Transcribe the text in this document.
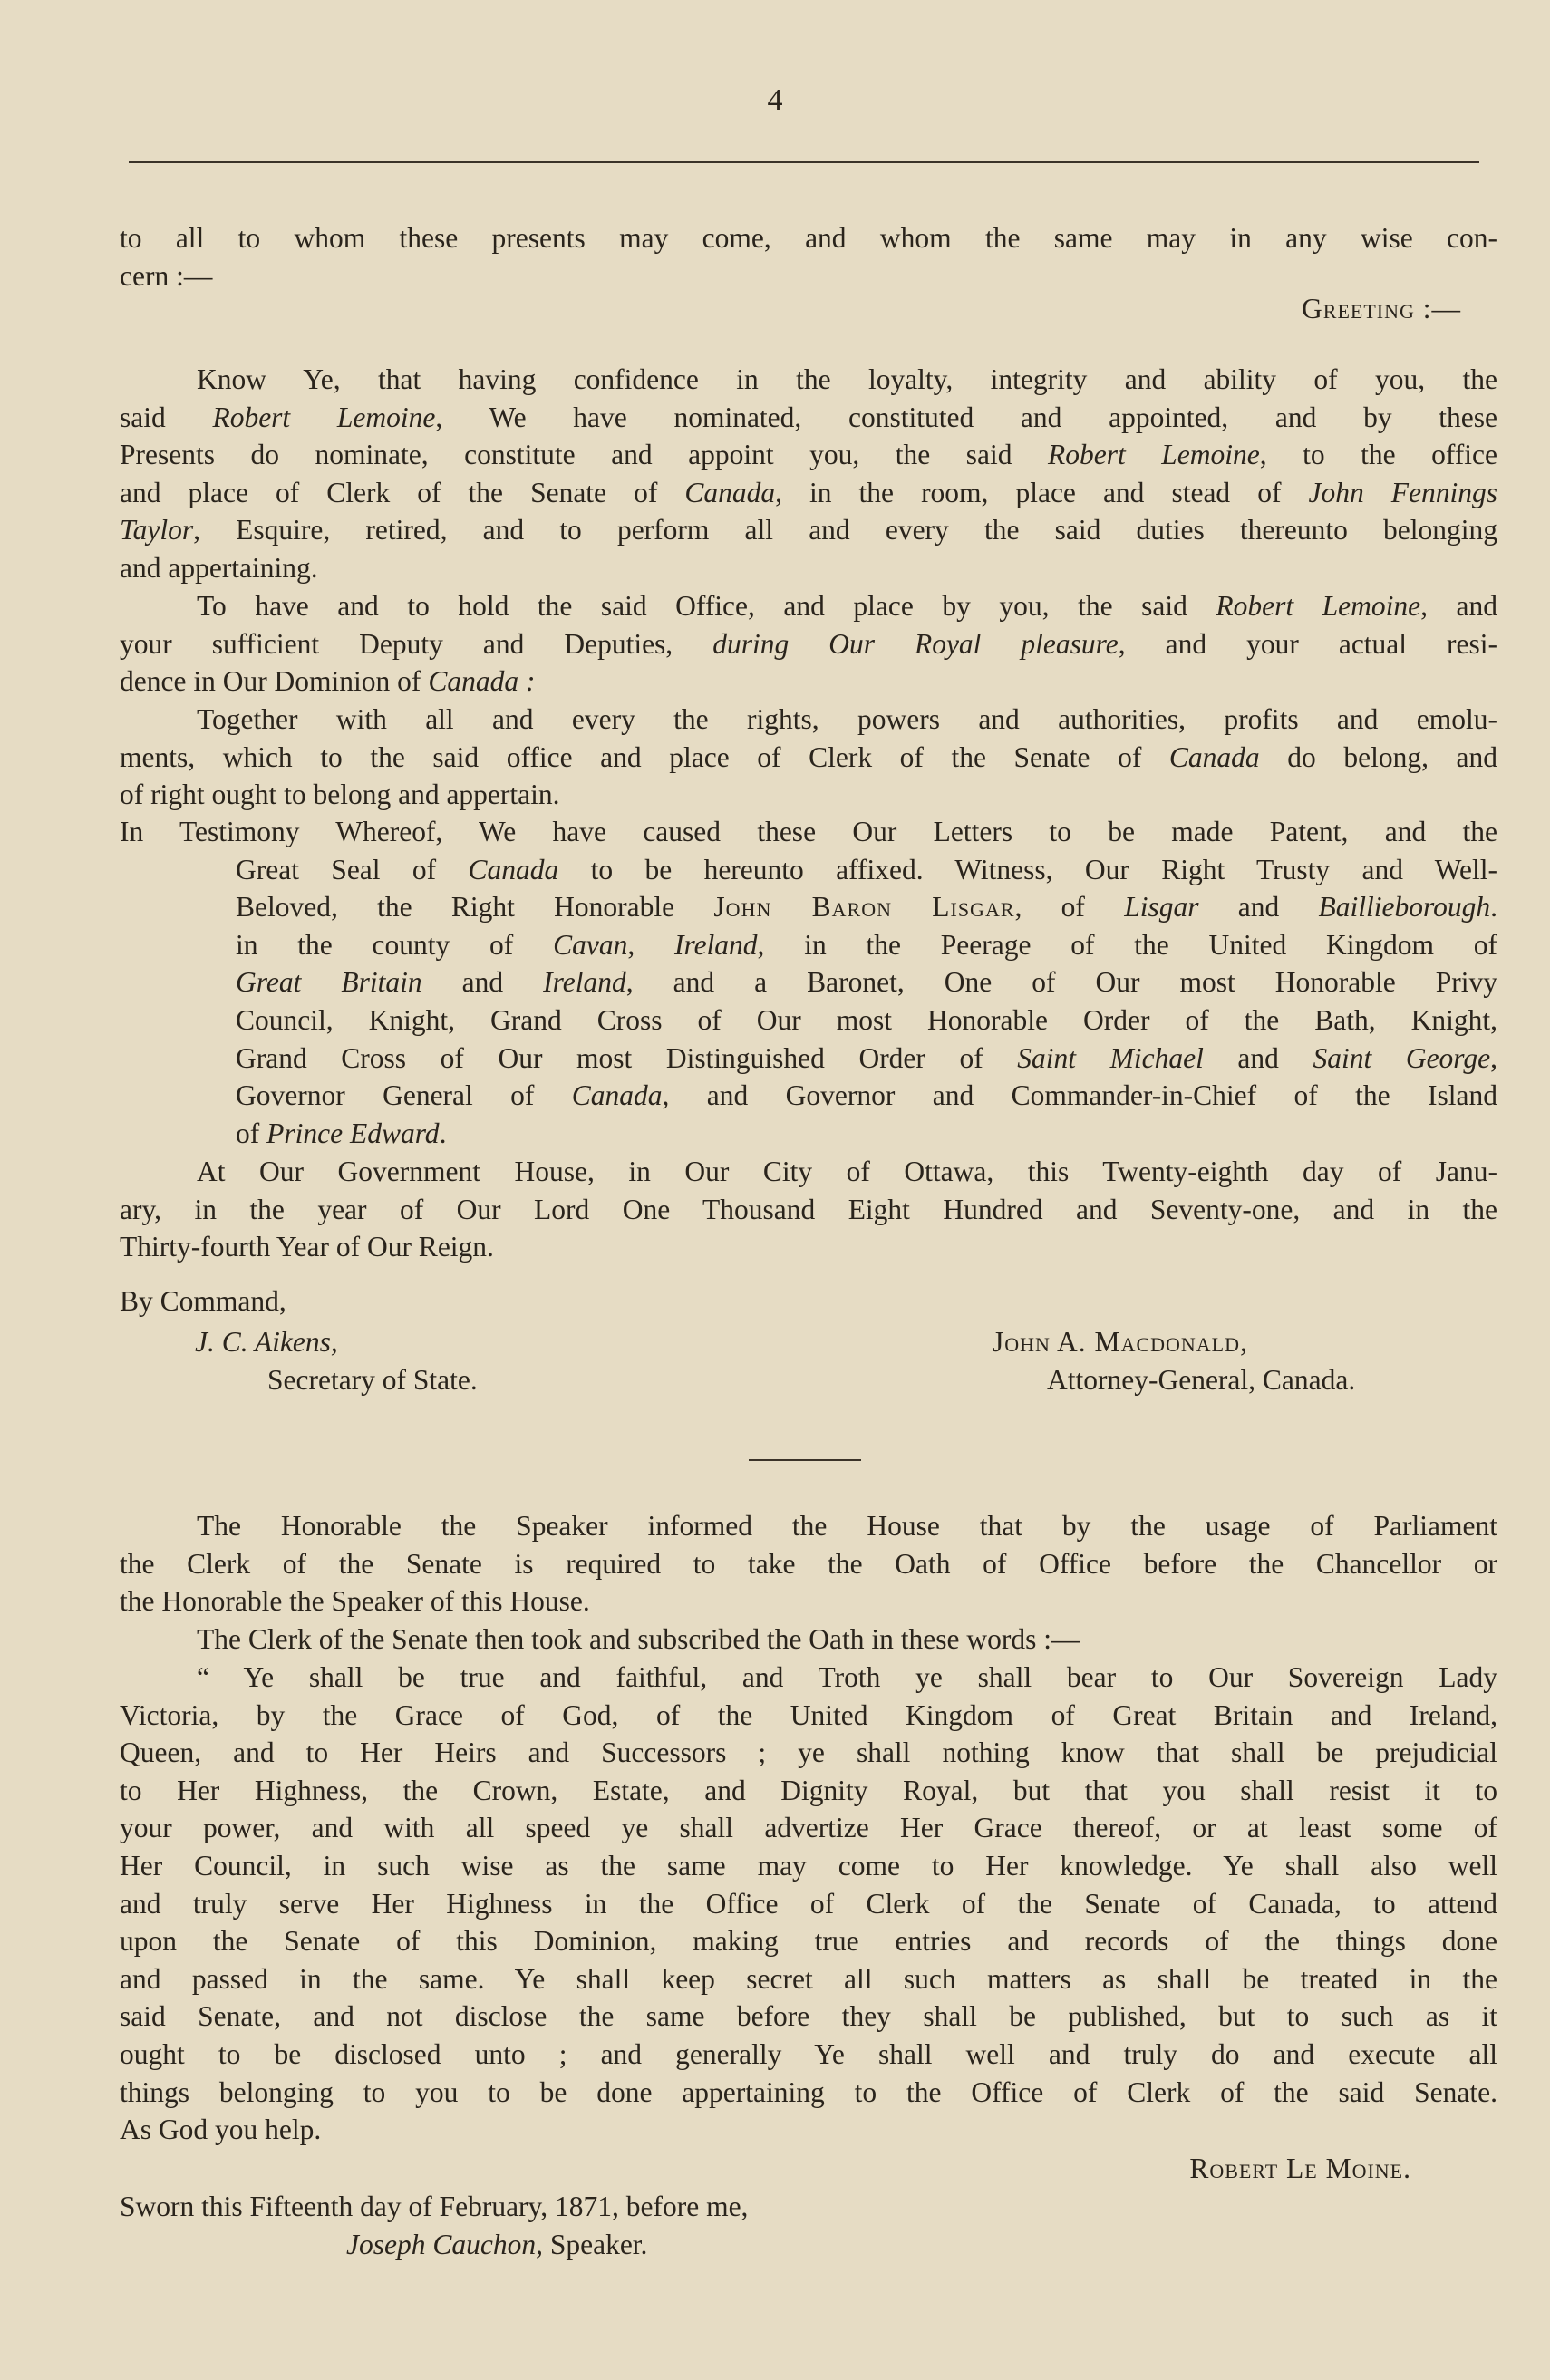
4
to all to whom these presents may come, and whom the same may in any wise con-
cern :—
Greeting :—
Know Ye, that having confidence in the loyalty, integrity and ability of you, the
said Robert Lemoine, We have nominated, constituted and appointed, and by these
Presents do nominate, constitute and appoint you, the said Robert Lemoine, to the office
and place of Clerk of the Senate of Canada, in the room, place and stead of John Fennings
Taylor, Esquire, retired, and to perform all and every the said duties thereunto belonging
and appertaining.
To have and to hold the said Office, and place by you, the said Robert Lemoine, and
your sufficient Deputy and Deputies, during Our Royal pleasure, and your actual resi-
dence in Our Dominion of Canada :
Together with all and every the rights, powers and authorities, profits and emolu-
ments, which to the said office and place of Clerk of the Senate of Canada do belong, and
of right ought to belong and appertain.
In Testimony Whereof, We have caused these Our Letters to be made Patent, and the
Great Seal of Canada to be hereunto affixed. Witness, Our Right Trusty and Well-
Beloved, the Right Honorable John Baron Lisgar, of Lisgar and Baillieborough.
in the county of Cavan, Ireland, in the Peerage of the United Kingdom of
Great Britain and Ireland, and a Baronet, One of Our most Honorable Privy
Council, Knight, Grand Cross of Our most Honorable Order of the Bath, Knight,
Grand Cross of Our most Distinguished Order of Saint Michael and Saint George,
Governor General of Canada, and Governor and Commander-in-Chief of the Island
of Prince Edward.
At Our Government House, in Our City of Ottawa, this Twenty-eighth day of Janu-
ary, in the year of Our Lord One Thousand Eight Hundred and Seventy-one, and in the
Thirty-fourth Year of Our Reign.
By Command,
J. C. Aikens,
Secretary of State.
John A. Macdonald,
Attorney-General, Canada.
The Honorable the Speaker informed the House that by the usage of Parliament
the Clerk of the Senate is required to take the Oath of Office before the Chancellor or
the Honorable the Speaker of this House.
The Clerk of the Senate then took and subscribed the Oath in these words :—
“ Ye shall be true and faithful, and Troth ye shall bear to Our Sovereign Lady
Victoria, by the Grace of God, of the United Kingdom of Great Britain and Ireland,
Queen, and to Her Heirs and Successors ; ye shall nothing know that shall be prejudicial
to Her Highness, the Crown, Estate, and Dignity Royal, but that you shall resist it to
your power, and with all speed ye shall advertize Her Grace thereof, or at least some of
Her Council, in such wise as the same may come to Her knowledge. Ye shall also well
and truly serve Her Highness in the Office of Clerk of the Senate of Canada, to attend
upon the Senate of this Dominion, making true entries and records of the things done
and passed in the same. Ye shall keep secret all such matters as shall be treated in the
said Senate, and not disclose the same before they shall be published, but to such as it
ought to be disclosed unto ; and generally Ye shall well and truly do and execute all
things belonging to you to be done appertaining to the Office of Clerk of the said Senate.
As God you help.
Robert Le Moine.
Sworn this Fifteenth day of February, 1871, before me,
Joseph Cauchon, Speaker.
